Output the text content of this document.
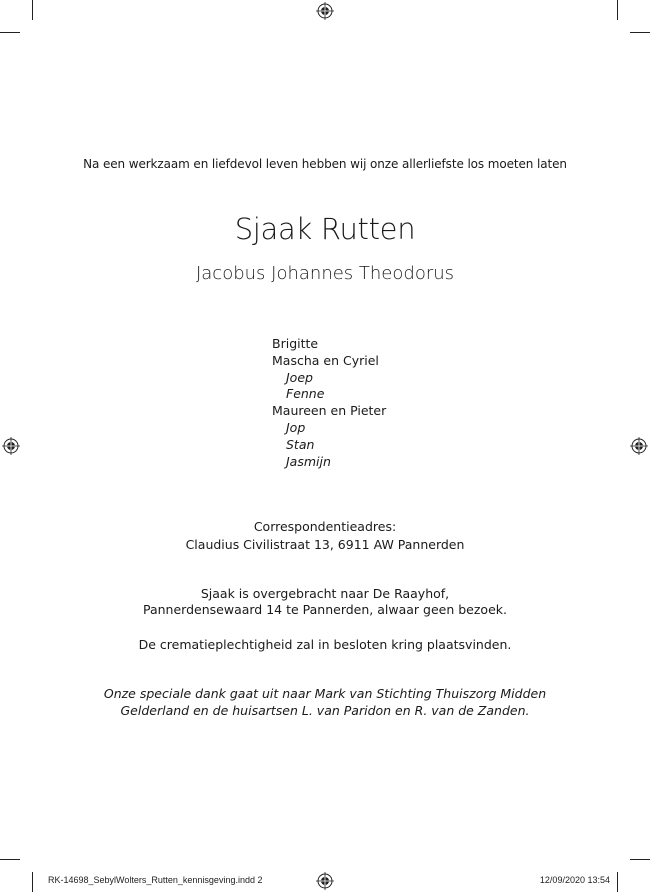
Na een werkzaam en liefdevol leven hebben wij onze allerliefste los moeten laten
Sjaak Rutten
Jacobus Johannes Theodorus
Brigitte
Mascha en Cyriel
Joep
Fenne
Maureen en Pieter
Jop
Stan
Jasmijn
Correspondentieadres:
Claudius Civilistraat 13, 6911 AW Pannerden
Sjaak is overgebracht naar De Raayhof,
Pannerdensewaard 14 te Pannerden, alwaar geen bezoek.
De crematieplechtigheid zal in besloten kring plaatsvinden.
Onze speciale dank gaat uit naar Mark van Stichting Thuiszorg Midden
Gelderland en de huisartsen L. van Paridon en R. van de Zanden.
RK-14698_SebylWolters_Rutten_kennisgeving.indd 2	12/09/2020 13:54
